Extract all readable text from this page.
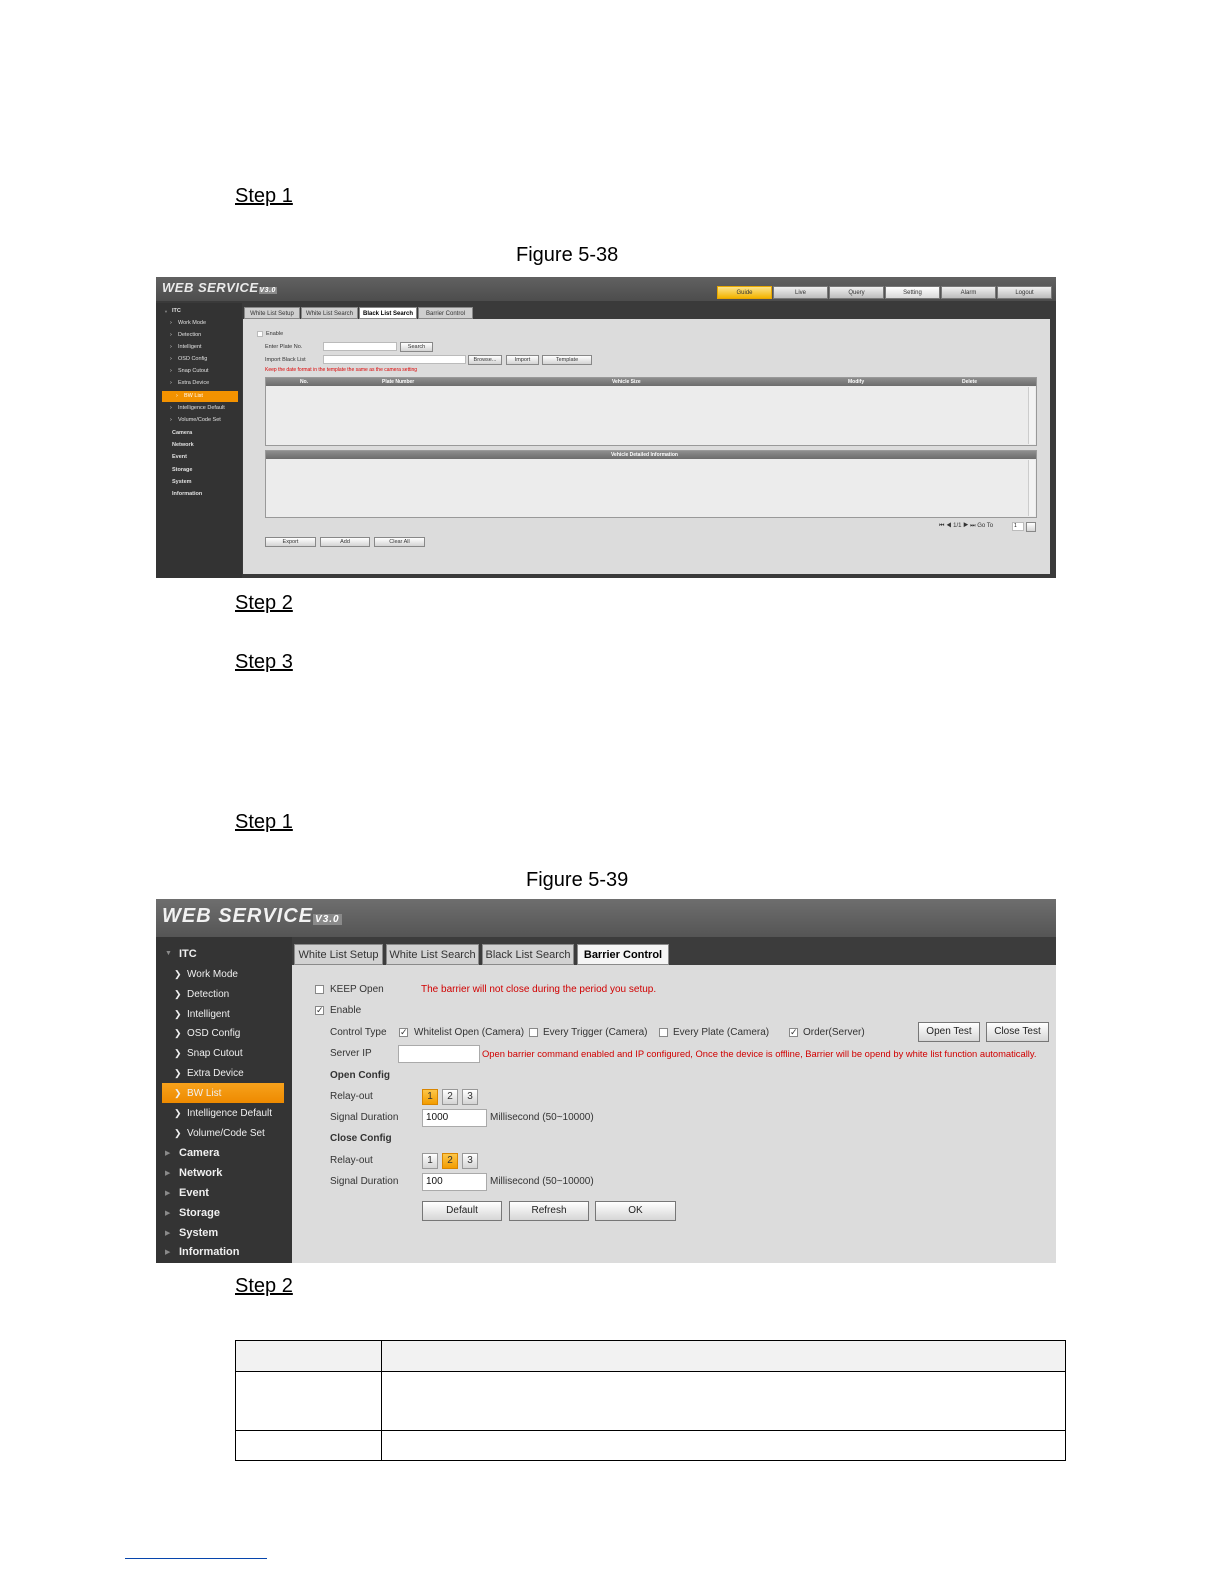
Step 1
Figure 5-38
WEB SERVICEV3.0	Guide	Live	Query	Setting	Alarm	Logout
▼ ITC
› Work Mode
› Detection
› Intelligent
› OSD Config
› Snap Cutout
› Extra Device
› BW List
› Intelligence Default
› Volume/Code Set
Camera
Network
Event
Storage
System
Information
White List Setup	White List Search	Black List Search	Barrier Control
Enable
Enter Plate No.	Search
Import Black List	Browse...	Import	Template
Keep the date format in the template the same as the camera setting
No.	Plate Number	Vehicle Size	Modify	Delete
Vehicle Detailed Information
⏮ ◀ 1/1 ▶ ⏭ Go To	1
Export	Add	Clear All
Step 2
Step 3
Step 1
Figure 5-39
WEB SERVICE V3.0
▼ ITC
❯ Work Mode
❯ Detection
❯ Intelligent
❯ OSD Config
❯ Snap Cutout
❯ Extra Device
❯ BW List
❯ Intelligence Default
❯ Volume/Code Set
▶ Camera
▶ Network
▶ Event
▶ Storage
▶ System
▶ Information
White List Setup White List Search Black List Search	Barrier Control
KEEP Open	The barrier will not close during the period you setup.
✓ Enable
Control Type ✓ Whitelist Open (Camera) Every Trigger (Camera)	Every Plate (Camera) ✓ Order(Server)	Open Test	Close Test
Server IP	Open barrier command enabled and IP configured, Once the device is offline, Barrier will be opend by white list function automatically.
Open Config
Relay-out	1	2	3
Signal Duration	1000	Millisecond (50~10000)
Close Config
Relay-out	1	2	3
Signal Duration	100	Millisecond (50~10000)
Default	Refresh	OK
Step 2
